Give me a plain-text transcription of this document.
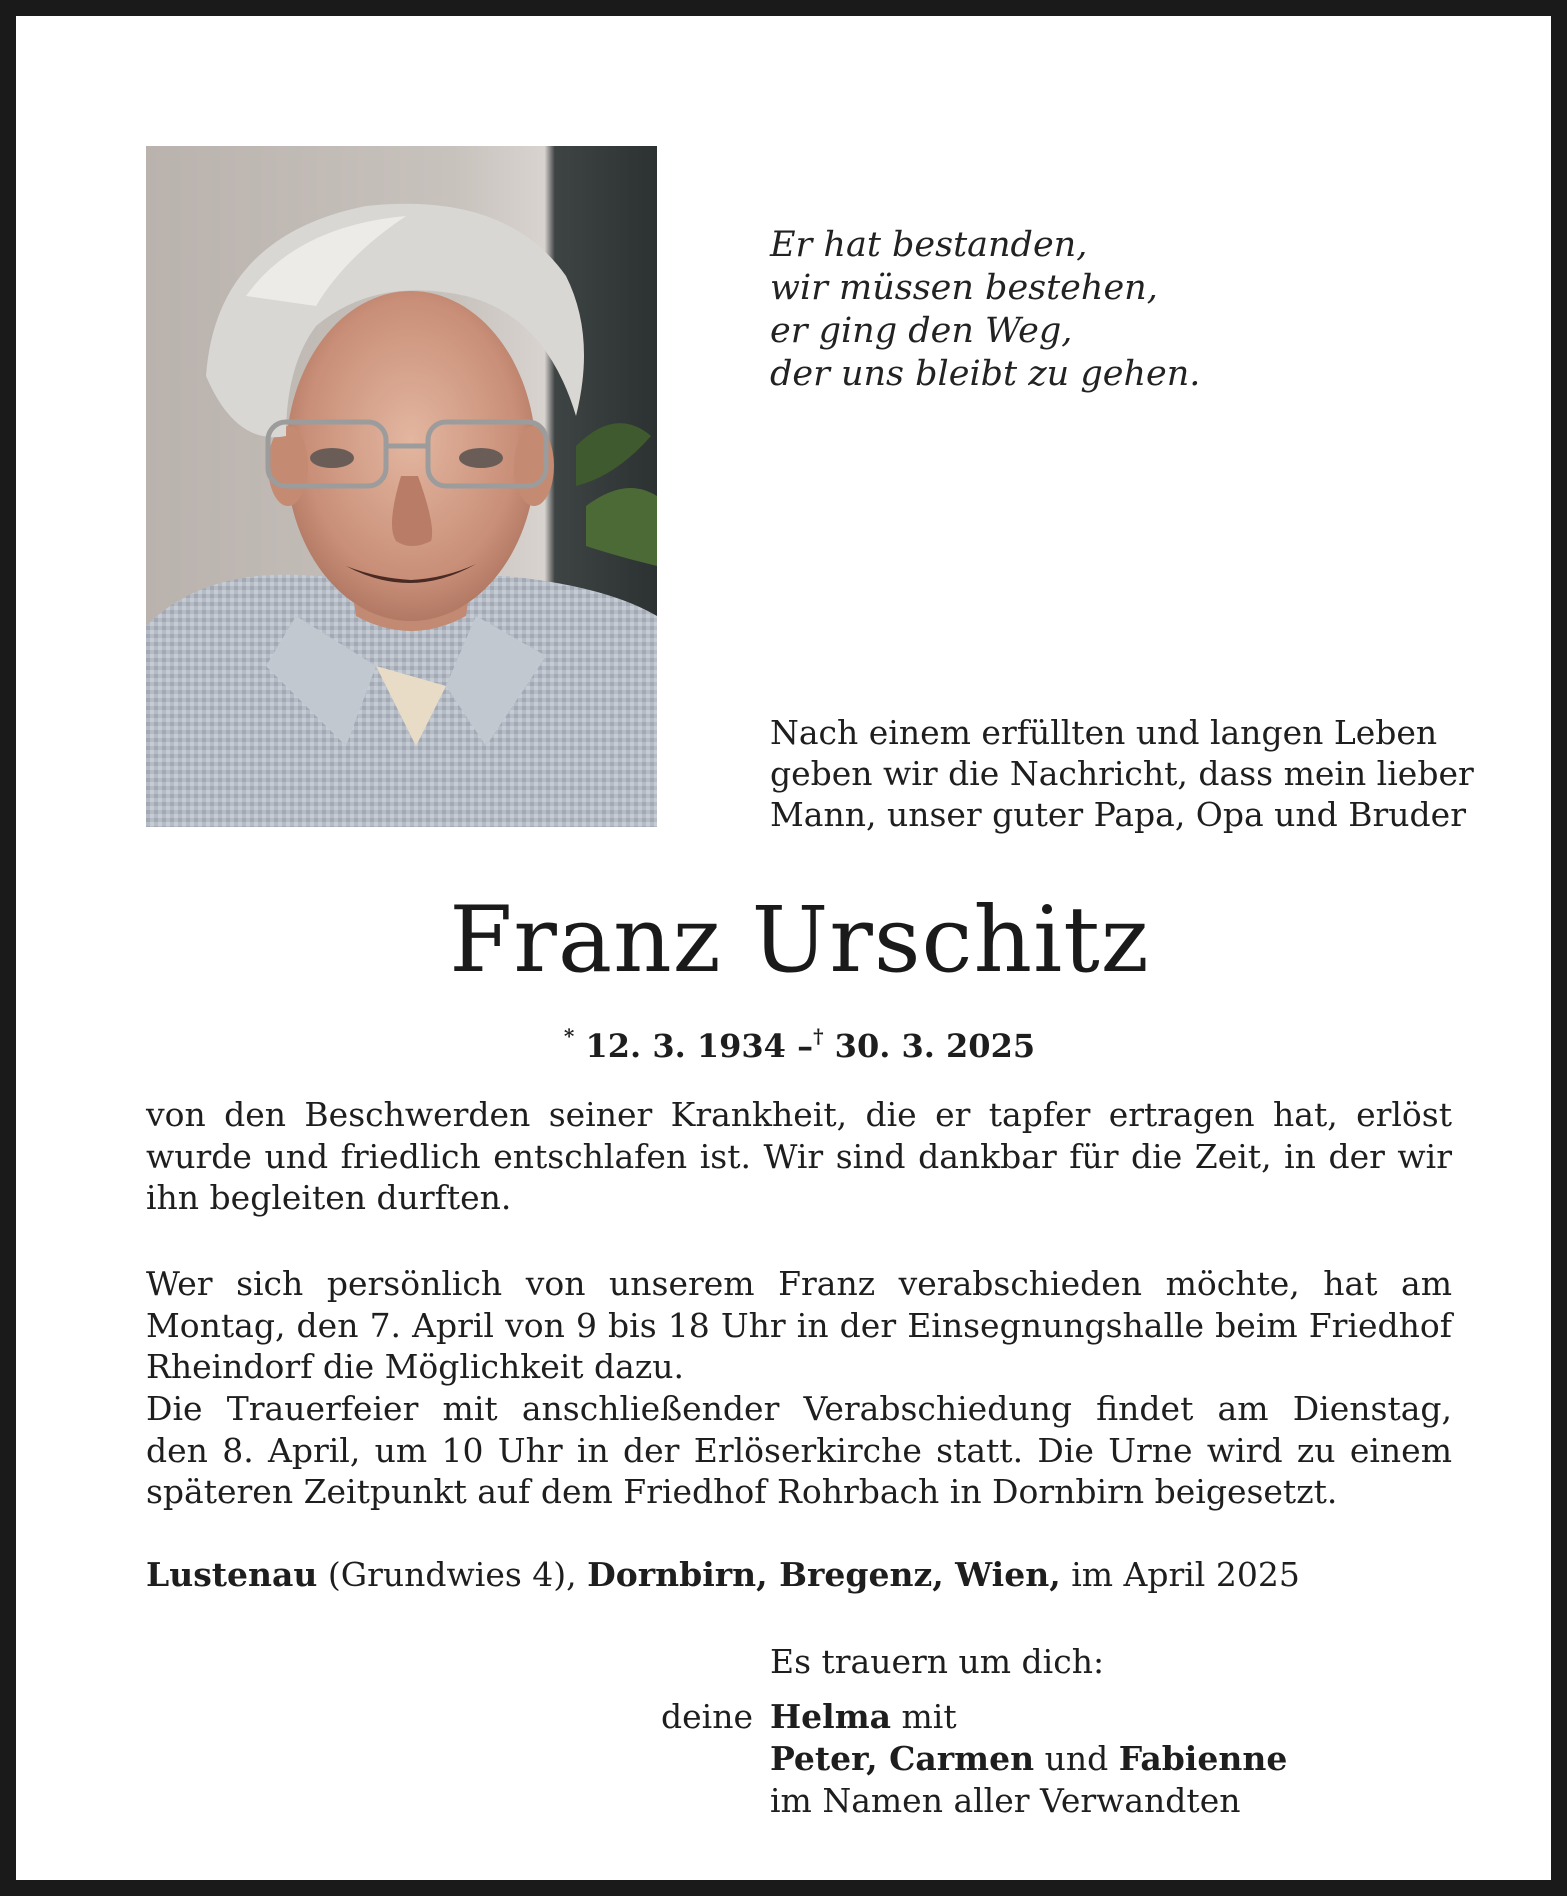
Er hat bestanden,
wir müssen bestehen,
er ging den Weg,
der uns bleibt zu gehen.
Nach einem erfüllten und langen Leben
geben wir die Nachricht, dass mein lieber
Mann, unser guter Papa, Opa und Bruder
Franz Urschitz
* 12. 3. 1934 –† 30. 3. 2025
von den Beschwerden seiner Krankheit, die er tapfer ertragen hat, erlöst
wurde und friedlich entschlafen ist. Wir sind dankbar für die Zeit, in der wir
ihn begleiten durften.
Wer sich persönlich von unserem Franz verabschieden möchte, hat am
Montag, den 7. April von 9 bis 18 Uhr in der Einsegnungshalle beim Friedhof
Rheindorf die Möglichkeit dazu.
Die Trauerfeier mit anschließender Verabschiedung findet am Dienstag,
den 8. April, um 10 Uhr in der Erlöserkirche statt. Die Urne wird zu einem
späteren Zeitpunkt auf dem Friedhof Rohrbach in Dornbirn beigesetzt.
Lustenau (Grundwies 4), Dornbirn, Bregenz, Wien, im April 2025
Es trauern um dich:
deine Helma mit
Peter, Carmen und Fabienne
im Namen aller Verwandten
